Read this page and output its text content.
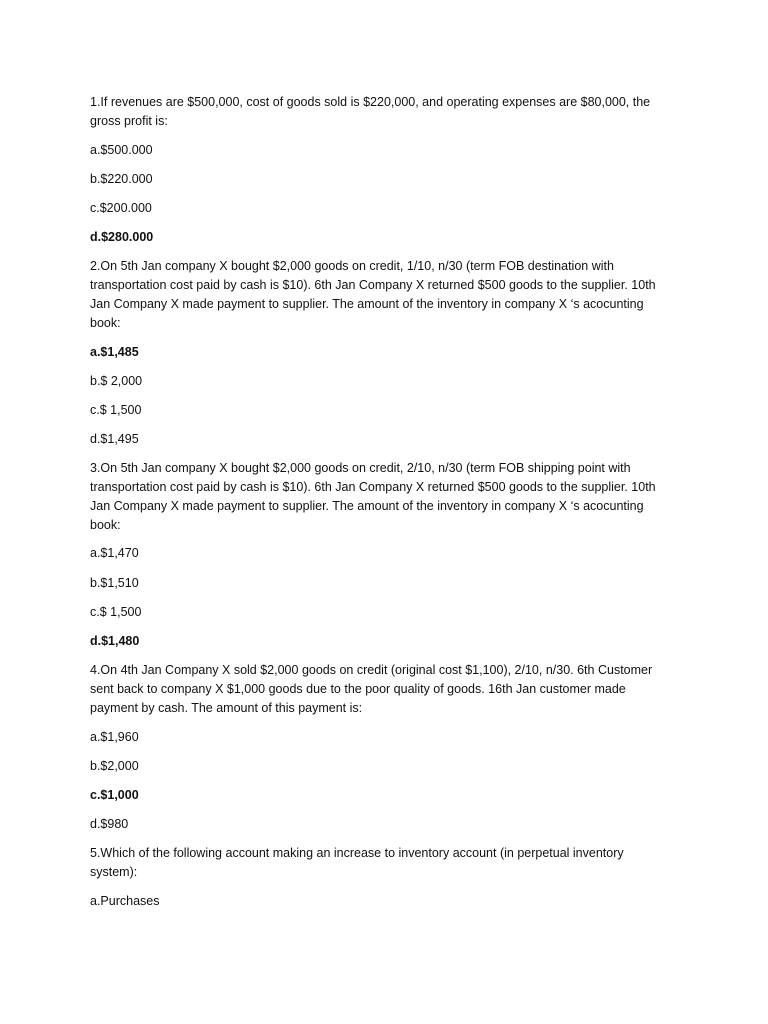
1.If revenues are $500,000, cost of goods sold is $220,000, and operating expenses are $80,000, the gross profit is:

a.$500.000

b.$220.000

c.$200.000

d.$280.000

2.On 5th Jan company X bought $2,000 goods on credit, 1/10, n/30 (term FOB destination with transportation cost paid by cash is $10). 6th Jan Company X returned $500 goods to the supplier. 10th Jan Company X made payment to supplier. The amount of the inventory in company X ‘s acocunting book:

a.$1,485

b.$ 2,000

c.$ 1,500

d.$1,495

3.On 5th Jan company X bought $2,000 goods on credit, 2/10, n/30 (term FOB shipping point with transportation cost paid by cash is $10). 6th Jan Company X returned $500 goods to the supplier. 10th Jan Company X made payment to supplier. The amount of the inventory in company X ‘s acocunting book:

a.$1,470

b.$1,510

c.$ 1,500

d.$1,480

4.On 4th Jan Company X sold $2,000 goods on credit (original cost $1,100), 2/10, n/30. 6th Customer sent back to company X $1,000 goods due to the poor quality of goods. 16th Jan customer made payment by cash. The amount of this payment is:

a.$1,960

b.$2,000

c.$1,000

d.$980

5.Which of the following account making an increase to inventory account (in perpetual inventory system):

a.Purchases
